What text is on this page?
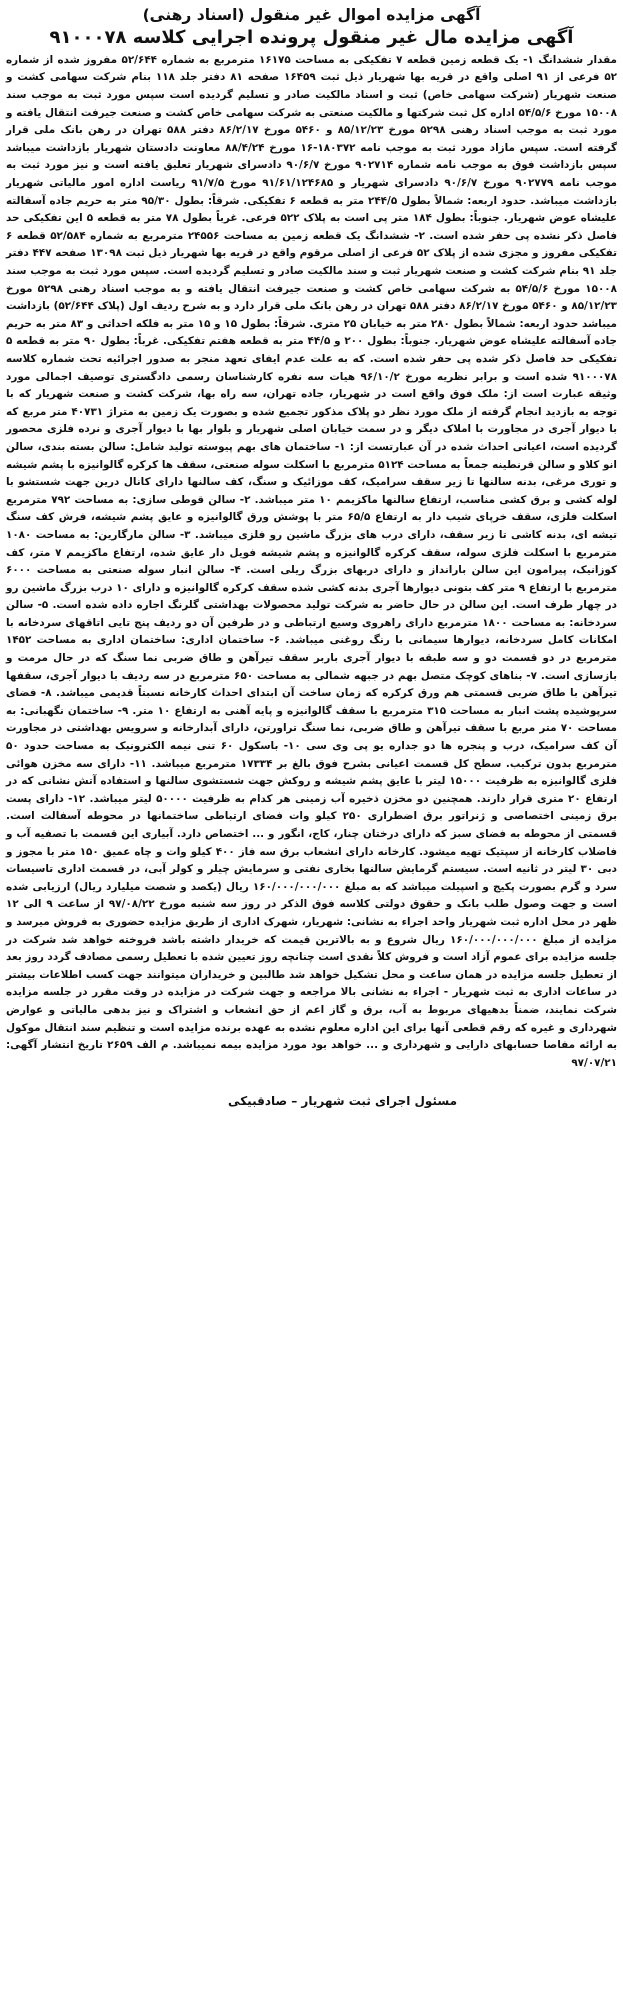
آگهی مزایده اموال غیر منقول (اسناد رهنی)
آگهی مزایده مال غیر منقول پرونده اجرایی کلاسه ۹۱۰۰۰۷۸
مقدار ششدانگ ۱- یک قطعه زمین قطعه ۷ تفکیکی به مساحت ۱۶۱۷۵ مترمربع به شماره ۵۲/۶۴۴ مفروز شده از شماره ۵۲ فرعی از ۹۱ اصلی واقع در قریه بها شهریار ذیل ثبت ۱۶۴۵۹ صفحه ۸۱ دفتر جلد ۱۱۸ بنام شرکت سهامی کشت و صنعت شهریار (شرکت سهامی خاص) ثبت و اسناد مالکیت صادر و تسلیم گردیده است سپس مورد ثبت به موجب سند ۱۵۰۰۸ مورخ ۵۴/۵/۶ اداره کل ثبت شرکتها و مالکیت صنعتی به شرکت سهامی خاص کشت و صنعت جیرفت انتقال یافته و مورد ثبت به موجب اسناد رهنی ۵۲۹۸ مورخ ۸۵/۱۲/۲۳ و ۵۴۶۰ مورخ ۸۶/۲/۱۷ دفتر ۵۸۸ تهران در رهن بانک ملی قرار گرفته است. سپس مازاد مورد ثبت به موجب نامه ۱۸۰۳۷۲-۱۶ مورخ ۸۸/۴/۲۴ معاونت دادستان شهریار بازداشت میباشد سپس بازداشت فوق به موجب نامه شماره ۹۰۲۷۱۴ مورخ ۹۰/۶/۷ دادسرای شهریار تعلیق یافته است و نیز مورد ثبت به موجب نامه ۹۰۲۷۷۹ مورخ ۹۰/۶/۷ دادسرای شهریار و ۹۱/۶۱/۱۲۴۶۸۵ مورخ ۹۱/۷/۵ ریاست اداره امور مالیاتی شهریار بازداشت میباشد. حدود اربعه: شمالاً بطول ۲۴۴/۵ متر به قطعه ۶ تفکیکی. شرقاً: بطول ۹۵/۳۰ متر به حریم جاده آسفالته علیشاه عوض شهریار. جنوباً: بطول ۱۸۴ متر پی است به پلاک ۵۲۲ فرعی. غرباً بطول ۷۸ متر به قطعه ۵ این تفکیکی حد فاصل ذکر نشده پی حفر شده است. ۲- ششدانگ یک قطعه زمین به مساحت ۲۴۵۵۶ مترمربع به شماره ۵۲/۵۸۴ قطعه ۶ تفکیکی مفروز و مجزی شده از پلاک ۵۲ فرعی از اصلی مرقوم واقع در قریه بها شهریار ذیل ثبت ۱۳۰۹۸ صفحه ۴۴۷ دفتر جلد ۹۱ بنام شرکت کشت و صنعت شهریار ثبت و سند مالکیت صادر و تسلیم گردیده است. سپس مورد ثبت به موجب سند ۱۵۰۰۸ مورخ ۵۴/۵/۶ به شرکت سهامی خاص کشت و صنعت جیرفت انتقال یافته و به موجب اسناد رهنی ۵۲۹۸ مورخ ۸۵/۱۲/۲۳ و ۵۴۶۰ مورخ ۸۶/۲/۱۷ دفتر ۵۸۸ تهران در رهن بانک ملی قرار دارد و به شرح ردیف اول (پلاک ۵۲/۶۴۴) بازداشت میباشد حدود اربعه: شمالاً بطول ۲۸۰ متر به خیابان ۲۵ متری. شرقاً: بطول ۱۵ و ۱۵ متر به فلکه احداثی و ۸۳ متر به حریم جاده آسفالته علیشاه عوض شهریار. جنوباً: بطول ۲۰۰ و ۴۴/۵ متر به قطعه هفتم تفکیکی. غرباً: بطول ۹۰ متر به قطعه ۵ تفکیکی حد فاصل ذکر شده پی حفر شده است. که به علت عدم ایفای تعهد منجر به صدور اجرائیه تحت شماره کلاسه ۹۱۰۰۰۷۸ شده است و برابر نظریه مورخ ۹۶/۱۰/۲ هیات سه نفره کارشناسان رسمی دادگستری توصیف اجمالی مورد وثیقه عبارت است از: ملک فوق واقع است در شهریار، جاده تهران، سه راه بها، شرکت کشت و صنعت شهریار که با توجه به بازدید انجام گرفته از ملک مورد نظر دو پلاک مذکور تجمیع شده و بصورت یک زمین به متراژ ۴۰۷۳۱ متر مربع که با دیوار آجری در مجاورت با املاک دیگر و در سمت خیابان اصلی شهریار و بلوار بها با دیوار آجری و نرده فلزی محصور گردیده است، اعیانی احداث شده در آن عبارتست از: ۱- ساختمان های بهم پیوسته تولید شامل: سالن بسته بندی، سالن انو کلاو و سالن قرنطینه جمعاً به مساحت ۵۱۲۴ مترمربع با اسکلت سوله صنعتی، سقف ها کرکره گالوانیزه با پشم شیشه و توری مرغی، بدنه سالنها تا زیر سقف سرامیک، کف موزائیک و سنگ، کف سالنها دارای کانال درین جهت شستشو با لوله کشی و برق کشی مناسب، ارتفاع سالنها ماکزیمم ۱۰ متر میباشد. ۲- سالن قوطی سازی: به مساحت ۷۹۲ مترمربع اسکلت فلزی، سقف خرپای شیب دار به ارتفاع ۶۵/۵ متر با پوشش ورق گالوانیزه و عایق پشم شیشه، فرش کف سنگ تیشه ای، بدنه کاشی تا زیر سقف، دارای درب های بزرگ ماشین رو فلزی میباشد. ۳- سالن مارگارین: به مساحت ۱۰۸۰ مترمربع با اسکلت فلزی سوله، سقف کرکره گالوانیزه و پشم شیشه فویل دار عایق شده، ارتفاع ماکزیمم ۷ متر، کف کوزانیک، پیرامون این سالن بارانداز و دارای دربهای بزرگ ریلی است. ۴- سالن انبار سوله صنعتی به مساحت ۶۰۰۰ مترمربع با ارتفاع ۹ متر کف بتونی دیوارها آجری بدنه کشی شده سقف کرکره گالوانیزه و دارای ۱۰ درب بزرگ ماشین رو در چهار طرف است. این سالن در حال حاضر به شرکت تولید محصولات بهداشتی گلرنگ اجاره داده شده است. ۵- سالن سردخانه: به مساحت ۱۸۰۰ مترمربع دارای راهروی وسیع ارتباطی و در طرفین آن دو ردیف پنج تایی اتاقهای سردخانه با امکانات کامل سردخانه، دیوارها سیمانی با رنگ روغنی میباشد. ۶- ساختمان اداری: ساختمان اداری به مساحت ۱۴۵۲ مترمربع در دو قسمت دو و سه طبقه با دیوار آجری باربر سقف تیرآهن و طاق ضربی نما سنگ که در حال مرمت و بازسازی است. ۷- بناهای کوچک متصل بهم در جبهه شمالی به مساحت ۶۵۰ مترمربع در سه ردیف با دیوار آجری، سقفها تیرآهن با طاق ضربی قسمتی هم ورق کرکره که زمان ساخت آن ابتدای احداث کارخانه نسبتاً قدیمی میباشد. ۸- فضای سرپوشیده پشت انبار به مساحت ۳۱۵ مترمربع با سقف گالوانیزه و پایه آهنی به ارتفاع ۱۰ متر. ۹- ساختمان نگهبانی: به مساحت ۷۰ متر مربع با سقف تیرآهن و طاق ضربی، نما سنگ تراورتن، دارای آبدارخانه و سرویس بهداشتی در مجاورت آن کف سرامیک، درب و پنجره ها دو جداره یو پی وی سی ۱۰- باسکول ۶۰ تنی نیمه الکترونیک به مساحت حدود ۵۰ مترمربع بدون ترکیب. سطح کل قسمت اعیانی بشرح فوق بالغ بر ۱۷۳۳۴ مترمربع میباشد. ۱۱- دارای سه مخزن هوائی فلزی گالوانیزه به ظرفیت ۱۵۰۰۰ لیتر با عایق پشم شیشه و روکش جهت شستشوی سالنها و استفاده آتش نشانی که در ارتفاع ۲۰ متری قرار دارند. همچنین دو مخزن ذخیره آب زمینی هر کدام به ظرفیت ۵۰۰۰۰ لیتر میباشد. ۱۲- دارای پست برق زمینی اختصاصی و ژنراتور برق اضطراری ۲۵۰ کیلو وات فضای ارتباطی ساختمانها در محوطه آسفالت است. قسمتی از محوطه به فضای سبز که دارای درختان چنار، کاج، انگور و ... اختصاص دارد. آبیاری این قسمت با تصفیه آب و فاضلاب کارخانه از سپتیک تهیه میشود. کارخانه دارای انشعاب برق سه فاز ۴۰۰ کیلو وات و چاه عمیق ۱۵۰ متر با مجوز و دبی ۳۰ لیتر در ثانیه است. سیستم گرمایش سالنها بخاری نفتی و سرمایش چیلر و کولر آبی، در قسمت اداری تاسیسات سرد و گرم بصورت پکیج و اسپیلت میباشد که به مبلغ ۱۶۰/۰۰۰/۰۰۰/۰۰۰ ریال (یکصد و شصت میلیارد ریال) ارزیابی شده است و جهت وصول طلب بانک و حقوق دولتی کلاسه فوق الذکر در روز سه شنبه مورخ ۹۷/۰۸/۲۲ از ساعت ۹ الی ۱۲ ظهر در محل اداره ثبت شهریار واحد اجراء به نشانی: شهریار، شهرک اداری از طریق مزایده حضوری به فروش میرسد و مزایده از مبلغ ۱۶۰/۰۰۰/۰۰۰/۰۰۰ ریال شروع و به بالاترین قیمت که خریدار داشته باشد فروخته خواهد شد شرکت در جلسه مزایده برای عموم آزاد است و فروش کلاً نقدی است چنانچه روز تعیین شده با تعطیل رسمی مصادف گردد روز بعد از تعطیل جلسه مزایده در همان ساعت و محل تشکیل خواهد شد طالبین و خریداران میتوانند جهت کسب اطلاعات بیشتر در ساعات اداری به ثبت شهریار - اجراء به نشانی بالا مراجعه و جهت شرکت در مزایده در وقت مقرر در جلسه مزایده شرکت نمایند، ضمناً بدهیهای مربوط به آب، برق و گاز اعم از حق انشعاب و اشتراک و نیز بدهی مالیاتی و عوارض شهرداری و غیره که رقم قطعی آنها برای این اداره معلوم نشده به عهده برنده مزایده است و تنظیم سند انتقال موکول به ارائه مفاصا حسابهای دارایی و شهرداری و ... خواهد بود مورد مزایده بیمه نمیباشد. م الف ۲۶۵۹ تاریخ انتشار آگهی: ۹۷/۰۷/۲۱
مسئول اجرای ثبت شهریار – صادقبیکی
